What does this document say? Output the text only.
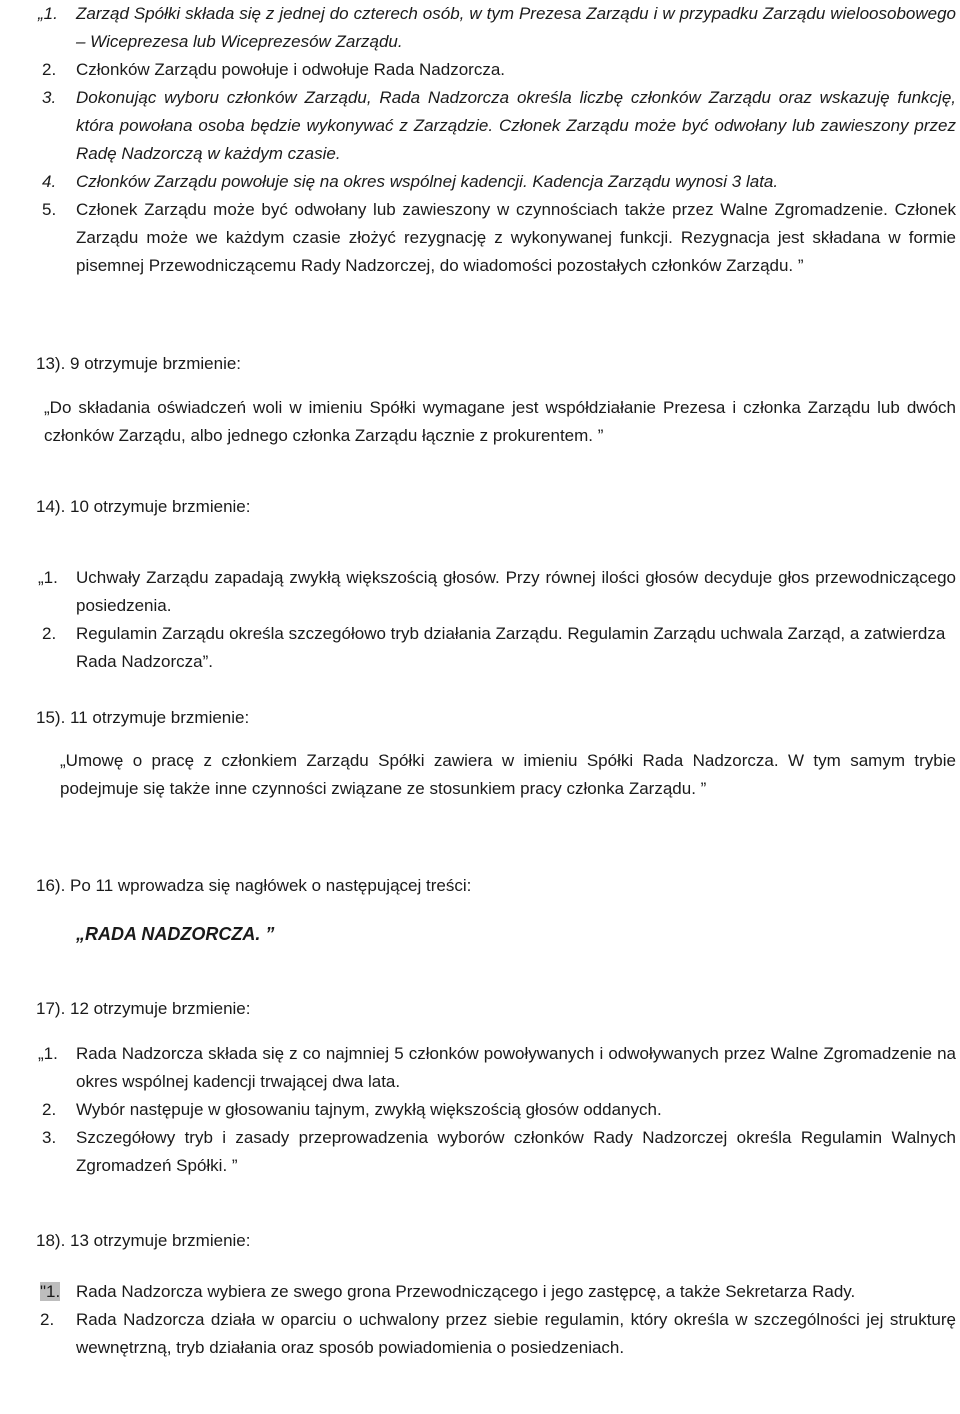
„1. Zarząd Spółki składa się z jednej do czterech osób, w tym Prezesa Zarządu i w przypadku Zarządu wieloosobowego – Wiceprezesa lub Wiceprezesów Zarządu.
2. Członków Zarządu powołuje i odwołuje Rada Nadzorcza.
3. Dokonując wyboru członków Zarządu, Rada Nadzorcza określa liczbę członków Zarządu oraz wskazuję funkcję, która powołana osoba będzie wykonywać z Zarządzie. Członek Zarządu może być odwołany lub zawieszony przez Radę Nadzorczą w każdym czasie.
4. Członków Zarządu powołuje się na okres wspólnej kadencji. Kadencja Zarządu wynosi 3 lata.
5. Członek Zarządu może być odwołany lub zawieszony w czynnościach także przez Walne Zgromadzenie. Członek Zarządu może we każdym czasie złożyć rezygnację z wykonywanej funkcji. Rezygnacja jest składana w formie pisemnej Przewodniczącemu Rady Nadzorczej, do wiadomości pozostałych członków Zarządu. ”
13). 9 otrzymuje brzmienie:
„Do składania oświadczeń woli w imieniu Spółki wymagane jest współdziałanie Prezesa i członka Zarządu lub dwóch członków Zarządu, albo jednego członka Zarządu łącznie z prokurentem. ”
14). 10 otrzymuje brzmienie:
„1. Uchwały Zarządu zapadają zwykłą większością głosów. Przy równej ilości głosów decyduje głos przewodniczącego posiedzenia.
2. Regulamin Zarządu określa szczegółowo tryb działania Zarządu. Regulamin Zarządu uchwala Zarząd, a zatwierdza Rada Nadzorcza”.
15). 11 otrzymuje brzmienie:
„Umowę o pracę z członkiem Zarządu Spółki zawiera w imieniu Spółki Rada Nadzorcza. W tym samym trybie podejmuje się także inne czynności związane ze stosunkiem pracy członka Zarządu. ”
16). Po 11 wprowadza się nagłówek o następującej treści:
„RADA NADZORCZA. ”
17). 12 otrzymuje brzmienie:
„1. Rada Nadzorcza składa się z co najmniej 5 członków powoływanych i odwoływanych przez Walne Zgromadzenie na okres wspólnej kadencji trwającej dwa lata.
2. Wybór następuje w głosowaniu tajnym, zwykłą większością głosów oddanych.
3. Szczegółowy tryb i zasady przeprowadzenia wyborów członków Rady Nadzorczej określa Regulamin Walnych Zgromadzeń Spółki. ”
18). 13 otrzymuje brzmienie:
"1. Rada Nadzorcza wybiera ze swego grona Przewodniczącego i jego zastępcę, a także Sekretarza Rady.
2. Rada Nadzorcza działa w oparciu o uchwalony przez siebie regulamin, który określa w szczególności jej strukturę wewnętrzną, tryb działania oraz sposób powiadomienia o posiedzeniach.
